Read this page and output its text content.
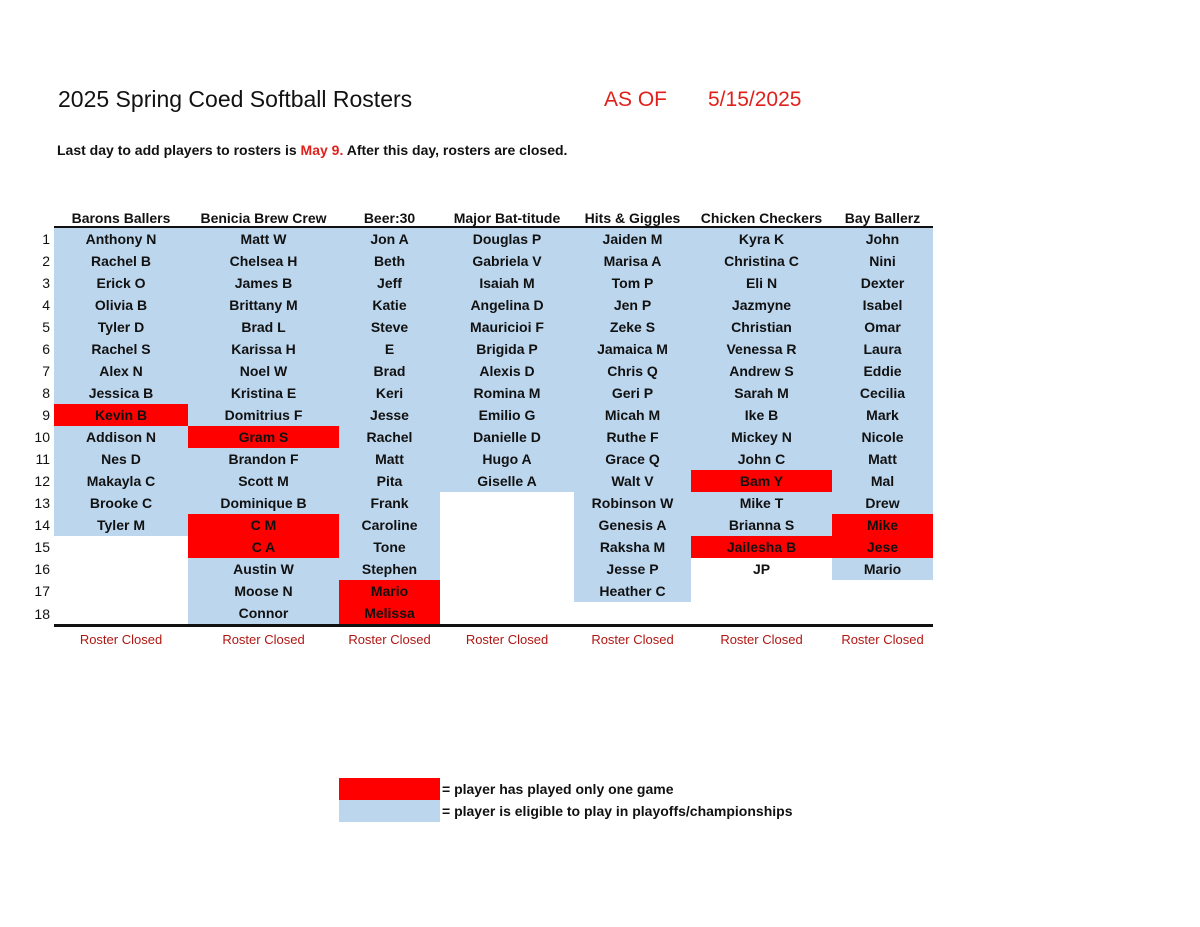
2025 Spring Coed Softball Rosters	AS OF 5/15/2025
Last day to add players to rosters is May 9. After this day, rosters are closed.
	Barons Ballers	Benicia Brew Crew	Beer:30	Major Bat-titude	Hits & Giggles	Chicken Checkers	Bay Ballerz
1	Anthony N	Matt W	Jon A	Douglas P	Jaiden M	Kyra K	John
2	Rachel B	Chelsea H	Beth	Gabriela V	Marisa A	Christina C	Nini
3	Erick O	James B	Jeff	Isaiah M	Tom P	Eli N	Dexter
4	Olivia B	Brittany M	Katie	Angelina D	Jen P	Jazmyne	Isabel
5	Tyler D	Brad L	Steve	Mauricioi F	Zeke S	Christian	Omar
6	Rachel S	Karissa H	E	Brigida P	Jamaica M	Venessa R	Laura
7	Alex N	Noel W	Brad	Alexis D	Chris Q	Andrew S	Eddie
8	Jessica B	Kristina E	Keri	Romina M	Geri P	Sarah M	Cecilia
9	Kevin B	Domitrius F	Jesse	Emilio G	Micah M	Ike B	Mark
10	Addison N	Gram S	Rachel	Danielle D	Ruthe F	Mickey N	Nicole
11	Nes D	Brandon F	Matt	Hugo A	Grace Q	John C	Matt
12	Makayla C	Scott M	Pita	Giselle A	Walt V	Bam Y	Mal
13	Brooke C	Dominique B	Frank		Robinson W	Mike T	Drew
14	Tyler M	C M	Caroline		Genesis A	Brianna S	Mike
15		C A	Tone		Raksha M	Jailesha B	Jese
16		Austin W	Stephen		Jesse P	JP	Mario
17		Moose N	Mario		Heather C		
18		Connor	Melissa				
	Roster Closed	Roster Closed	Roster Closed	Roster Closed	Roster Closed	Roster Closed	Roster Closed
= player has played only one game
= player is eligible to play in playoffs/championships
